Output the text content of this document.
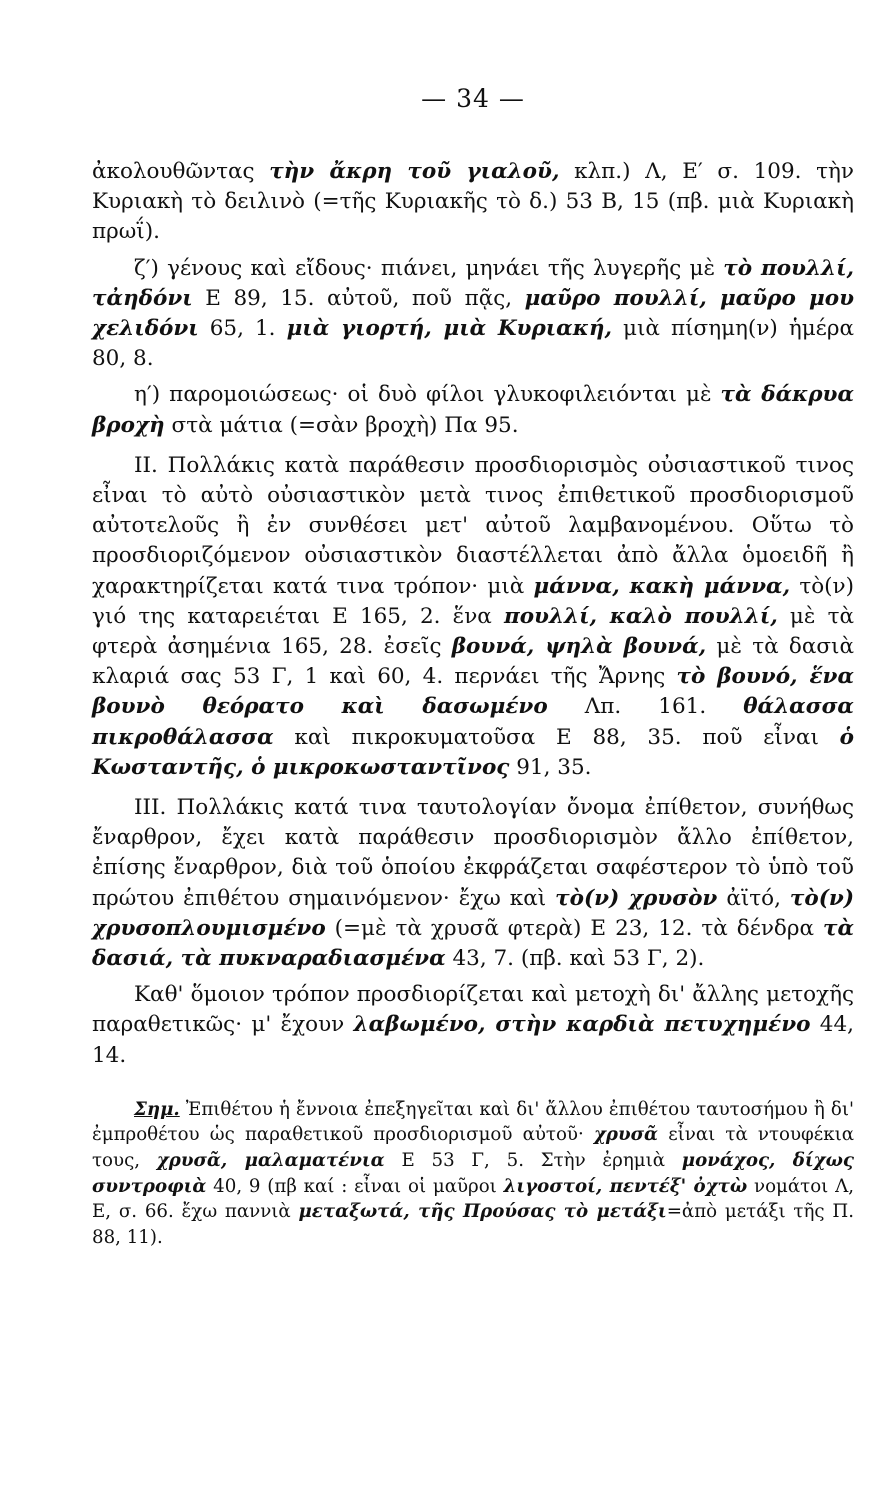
— 34 —

ἀκολουθῶντας τὴν ἄκρη τοῦ γιαλοῦ, κλπ.) Λ, Ε′ σ. 109. τὴν Κυριακὴ τὸ δειλινὸ (=τῆς Κυριακῆς τὸ δ.) 53 Β, 15 (πβ. μιὰ Κυριακὴ πρωΐ).

ζ′) γένους καὶ εἴδους· πιάνει, μηνάει τῆς λυγερῆς μὲ τὸ πουλλί, τἀηδόνι Ε 89, 15. αὐτοῦ, ποῦ πᾷς, μαῦρο πουλλί, μαῦρο μου χελιδόνι 65, 1. μιὰ γιορτή, μιὰ Κυριακή, μιὰ πίσημη(ν) ἡμέρα 80, 8.

η′) παρομοιώσεως· οἱ δυὸ φίλοι γλυκοφιλειόνται μὲ τὰ δάκρυα βροχὴ στὰ μάτια (=σὰν βροχὴ) Πα 95.

II. Πολλάκις κατὰ παράθεσιν προσδιορισμὸς οὐσιαστικοῦ τινος εἶναι τὸ αὐτὸ οὐσιαστικὸν μετὰ τινος ἐπιθετικοῦ προσδιορισμοῦ αὐτοτελοῦς ἢ ἐν συνθέσει μετ' αὐτοῦ λαμβανομένου. Οὕτω τὸ προσδιοριζόμενον οὐσιαστικὸν διαστέλλεται ἀπὸ ἄλλα ὁμοειδῆ ἢ χαρακτηρίζεται κατά τινα τρόπον· μιὰ μάννα, κακὴ μάννα, τὸ(ν) γιό της καταρειέται Ε 165, 2. ἕνα πουλλί, καλὸ πουλλί, μὲ τὰ φτερὰ ἀσημένια 165, 28. ἐσεῖς βουνά, ψηλὰ βουνά, μὲ τὰ δασιὰ κλαριά σας 53 Γ, 1 καὶ 60, 4. περνάει τῆς Ἄρνης τὸ βουνό, ἕνα βουνὸ θεόρατο καὶ δασωμένο Λπ. 161. θάλασσα πικροθάλασσα καὶ πικροκυματοῦσα Ε 88, 35. ποῦ εἶναι ὁ Κωσταντῆς, ὁ μικροκωσταντῖνος 91, 35.

III. Πολλάκις κατά τινα ταυτολογίαν ὄνομα ἐπίθετον, συνήθως ἔναρθρον, ἔχει κατὰ παράθεσιν προσδιορισμὸν ἄλλο ἐπίθετον, ἐπίσης ἔναρθρον, διὰ τοῦ ὁποίου ἐκφράζεται σαφέστερον τὸ ὑπὸ τοῦ πρώτου ἐπιθέτου σημαινόμενον· ἔχω καὶ τὸ(ν) χρυσὸν ἀϊτό, τὸ(ν) χρυσοπλουμισμένο (=μὲ τὰ χρυσᾶ φτερὰ) Ε 23, 12. τὰ δένδρα τὰ δασιά, τὰ πυκναραδιασμένα 43, 7. (πβ. καὶ 53 Γ, 2).

Καθ' ὅμοιον τρόπον προσδιορίζεται καὶ μετοχὴ δι' ἄλλης μετοχῆς παραθετικῶς· μ' ἔχουν λαβωμένο, στὴν καρδιὰ πετυχημένο 44, 14.

Σημ. Ἐπιθέτου ἡ ἔννοια ἐπεξηγεῖται καὶ δι' ἄλλου ἐπιθέτου ταυτοσήμου ἢ δι' ἐμπροθέτου ὡς παραθετικοῦ προσδιορισμοῦ αὐτοῦ· χρυσᾶ εἶναι τὰ ντουφέκια τους, χρυσᾶ, μαλαματένια Ε 53 Γ, 5. Στὴν ἐρημιὰ μονάχος, δίχως συντροφιὰ 40, 9 (πβ καί : εἶναι οἱ μαῦροι λιγοστοί, πεντέξ' ὀχτὼ νομάτοι Λ, Ε, σ. 66. ἔχω παννιὰ μεταξωτά, τῆς Προύσας τὸ μετάξι=ἀπὸ μετάξι τῆς Π. 88, 11).
